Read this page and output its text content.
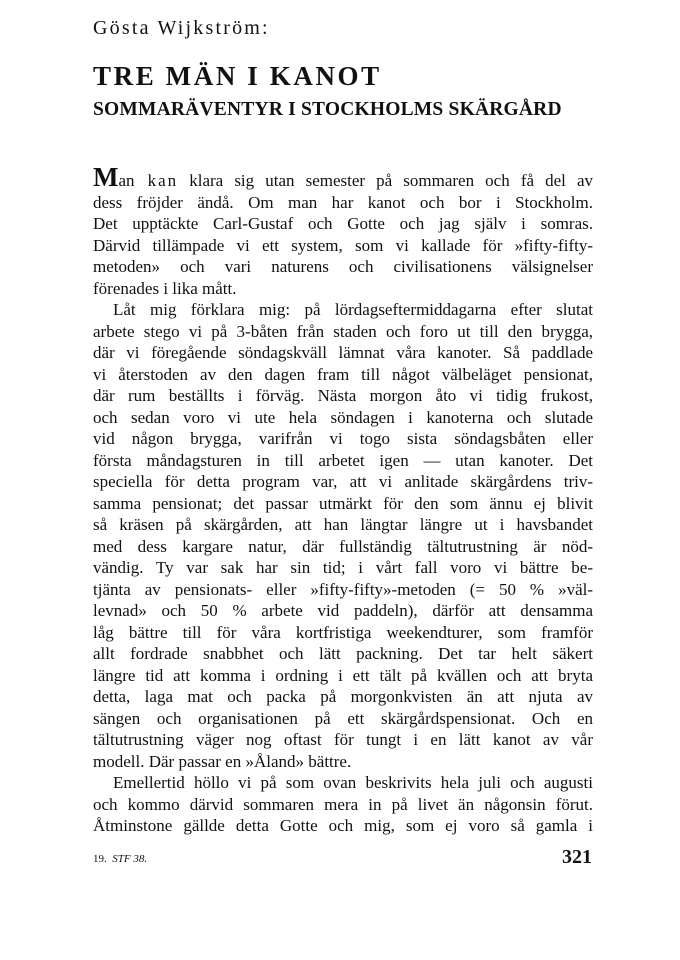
Gösta Wijkström:
TRE MÄN I KANOT
SOMMARÄVENTYR I STOCKHOLMS SKÄRGÅRD
Man kan klara sig utan semester på sommaren och få del av
dess fröjder ändå. Om man har kanot och bor i Stockholm.
Det upptäckte Carl-Gustaf och Gotte och jag själv i somras.
Därvid tillämpade vi ett system, som vi kallade för »fifty-fifty-
metoden» och vari naturens och civilisationens välsignelser
förenades i lika mått.
Låt mig förklara mig: på lördagseftermiddagarna efter slutat
arbete stego vi på 3-båten från staden och foro ut till den brygga,
där vi föregående söndagskväll lämnat våra kanoter. Så paddlade
vi återstoden av den dagen fram till något välbeläget pensionat,
där rum beställts i förväg. Nästa morgon åto vi tidig frukost,
och sedan voro vi ute hela söndagen i kanoterna och slutade
vid någon brygga, varifrån vi togo sista söndagsbåten eller
första måndagsturen in till arbetet igen — utan kanoter. Det
speciella för detta program var, att vi anlitade skärgårdens triv-
samma pensionat; det passar utmärkt för den som ännu ej blivit
så kräsen på skärgården, att han längtar längre ut i havsbandet
med dess kargare natur, där fullständig tältutrustning är nöd-
vändig. Ty var sak har sin tid; i vårt fall voro vi bättre be-
tjänta av pensionats- eller »fifty-fifty»-metoden (= 50 % »väl-
levnad» och 50 % arbete vid paddeln), därför att densamma
låg bättre till för våra kortfristiga weekendturer, som framför
allt fordrade snabbhet och lätt packning. Det tar helt säkert
längre tid att komma i ordning i ett tält på kvällen och att bryta
detta, laga mat och packa på morgonkvisten än att njuta av
sängen och organisationen på ett skärgårdspensionat. Och en
tältutrustning väger nog oftast för tungt i en lätt kanot av vår
modell. Där passar en »Åland» bättre.
Emellertid höllo vi på som ovan beskrivits hela juli och augusti
och kommo därvid sommaren mera in på livet än någonsin förut.
Åtminstone gällde detta Gotte och mig, som ej voro så gamla i
19. STF 38.	321
